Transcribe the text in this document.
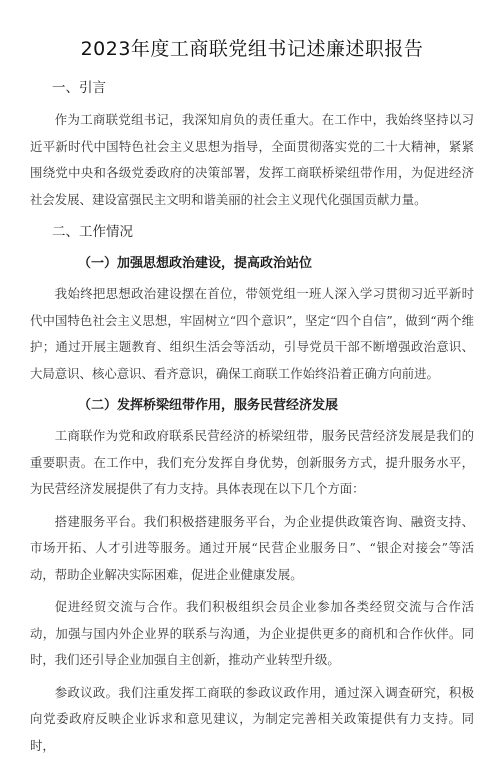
2023年度工商联党组书记述廉述职报告
一、引言

作为工商联党组书记，我深知肩负的责任重大。在工作中，我始终坚持以习近平新时代中国特色社会主义思想为指导，全面贯彻落实党的二十大精神，紧紧围绕党中央和各级党委政府的决策部署，发挥工商联桥梁纽带作用，为促进经济社会发展、建设富强民主文明和谐美丽的社会主义现代化强国贡献力量。

二、工作情况
（一）加强思想政治建设，提高政治站位

我始终把思想政治建设摆在首位，带领党组一班人深入学习贯彻习近平新时代中国特色社会主义思想，牢固树立“四个意识”，坚定“四个自信”，做到“两个维护；通过开展主题教育、组织生活会等活动，引导党员干部不断增强政治意识、大局意识、核心意识、看齐意识，确保工商联工作始终沿着正确方向前进。

（二）发挥桥梁纽带作用，服务民营经济发展

工商联作为党和政府联系民营经济的桥梁纽带，服务民营经济发展是我们的重要职责。在工作中，我们充分发挥自身优势，创新服务方式，提升服务水平，为民营经济发展提供了有力支持。具体表现在以下几个方面：

搭建服务平台。我们积极搭建服务平台，为企业提供政策咨询、融资支持、市场开拓、人才引进等服务。通过开展“民营企业服务日”、“银企对接会”等活动，帮助企业解决实际困难，促进企业健康发展。

促进经贸交流与合作。我们积极组织会员企业参加各类经贸交流与合作活动，加强与国内外企业界的联系与沟通，为企业提供更多的商机和合作伙伴。同时，我们还引导企业加强自主创新，推动产业转型升级。

参政议政。我们注重发挥工商联的参政议政作用，通过深入调查研究，积极向党委政府反映企业诉求和意见建议，为制定完善相关政策提供有力支持。同时，
